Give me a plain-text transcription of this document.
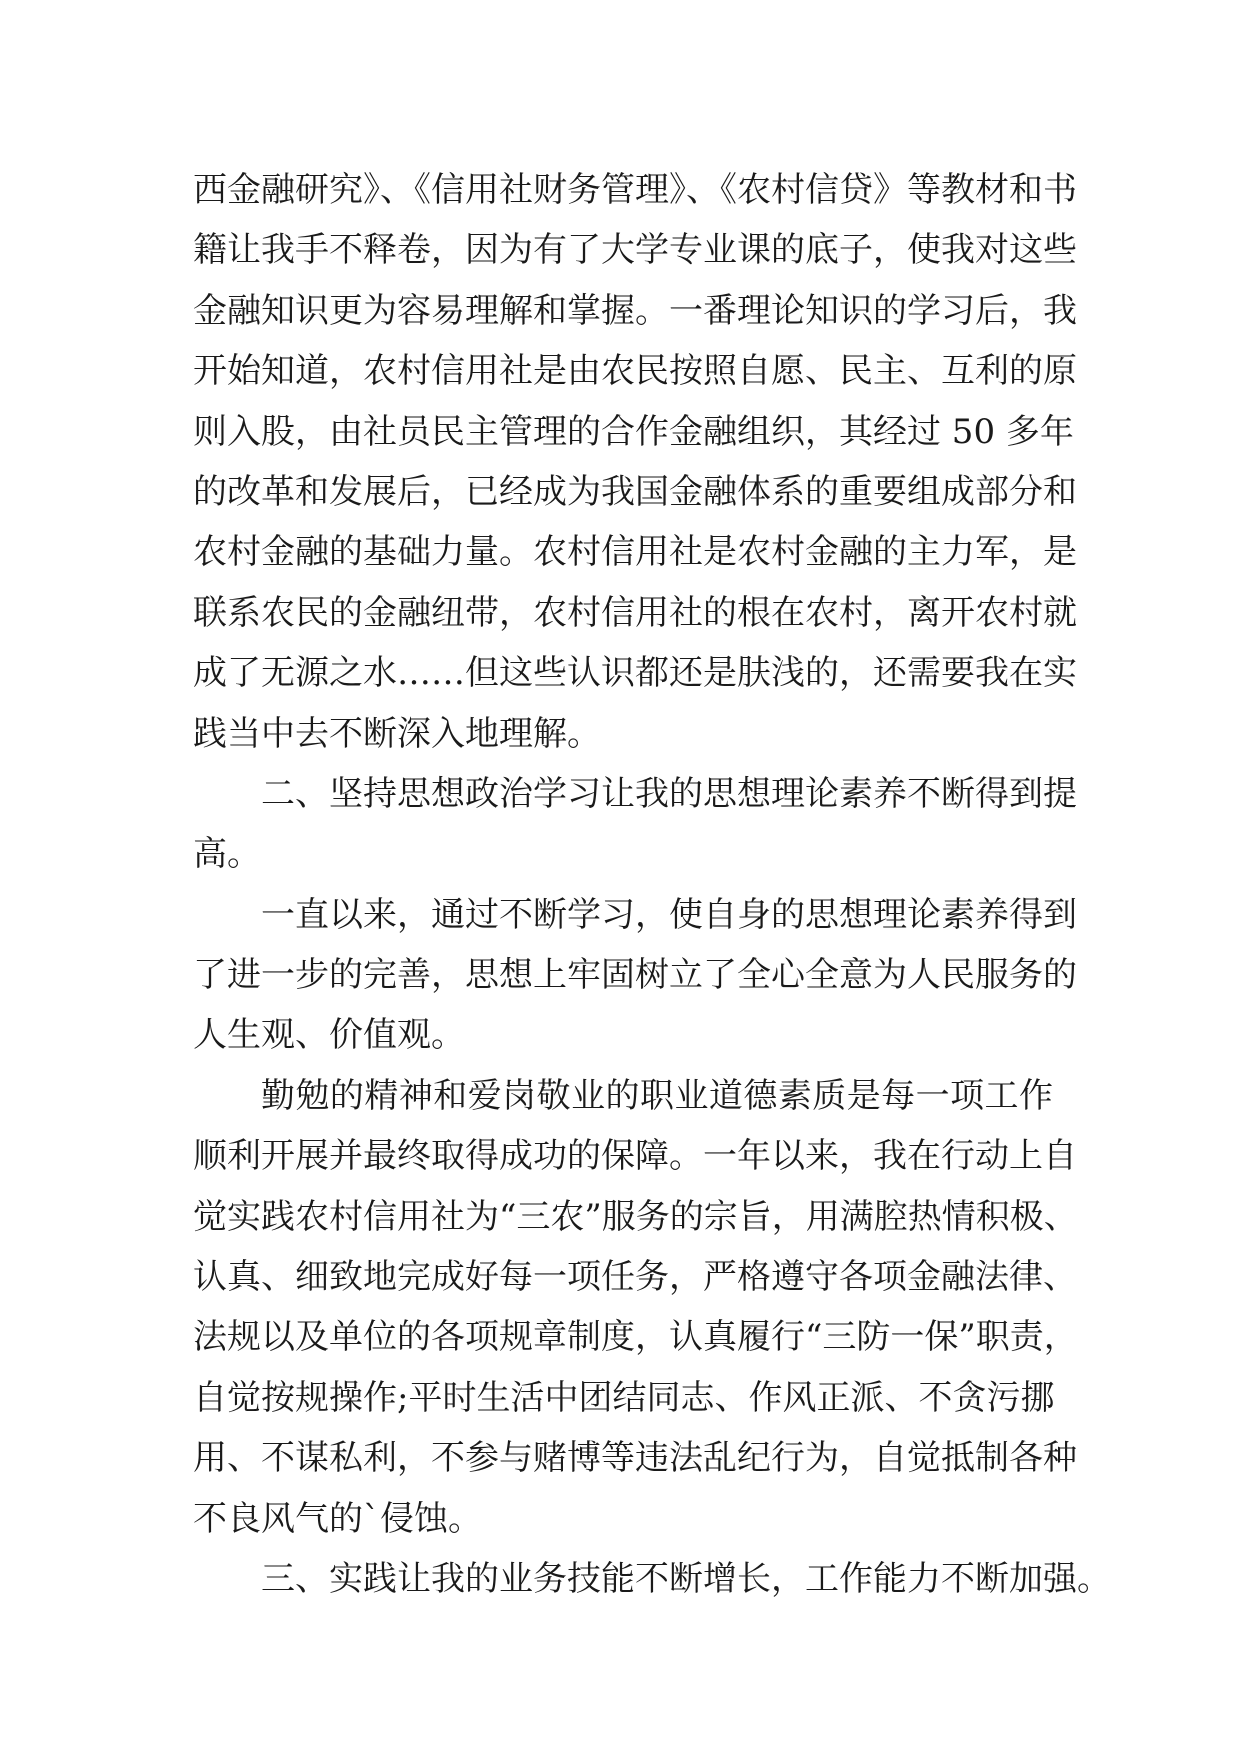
西金融研究》、《信用社财务管理》、《农村信贷》等教材和书
籍让我手不释卷，因为有了大学专业课的底子，使我对这些
金融知识更为容易理解和掌握。一番理论知识的学习后，我
开始知道，农村信用社是由农民按照自愿、民主、互利的原
则入股，由社员民主管理的合作金融组织，其经过 50 多年
的改革和发展后，已经成为我国金融体系的重要组成部分和
农村金融的基础力量。农村信用社是农村金融的主力军，是
联系农民的金融纽带，农村信用社的根在农村，离开农村就
成了无源之水……但这些认识都还是肤浅的，还需要我在实
践当中去不断深入地理解。
二、坚持思想政治学习让我的思想理论素养不断得到提
高。
一直以来，通过不断学习，使自身的思想理论素养得到
了进一步的完善，思想上牢固树立了全心全意为人民服务的
人生观、价值观。
勤勉的精神和爱岗敬业的职业道德素质是每一项工作
顺利开展并最终取得成功的保障。一年以来，我在行动上自
觉实践农村信用社为“三农”服务的宗旨，用满腔热情积极、
认真、细致地完成好每一项任务，严格遵守各项金融法律、
法规以及单位的各项规章制度，认真履行“三防一保”职责，
自觉按规操作;平时生活中团结同志、作风正派、不贪污挪
用、不谋私利，不参与赌博等违法乱纪行为，自觉抵制各种
不良风气的`侵蚀。
三、实践让我的业务技能不断增长，工作能力不断加强。
